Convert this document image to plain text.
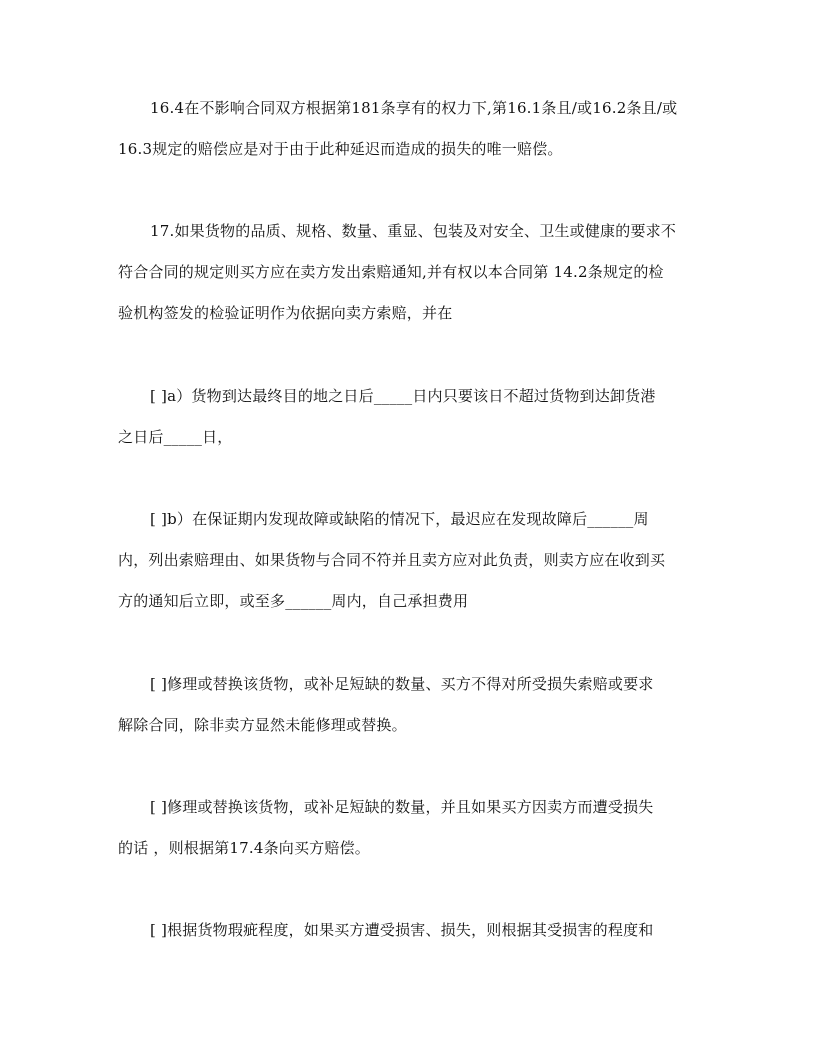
16.4在不影响合同双方根据第181条享有的权力下,第16.1条且/或16.2条且/或
16.3规定的赔偿应是对于由于此种延迟而造成的损失的唯一赔偿。
17.如果货物的品质、规格、数量、重显、包装及对安全、卫生或健康的要求不
符合合同的规定则买方应在卖方发出索赔通知,并有权以本合同第 14.2条规定的检
验机构签发的检验证明作为依据向卖方索赔，并在
[ ]a）货物到达最终目的地之日后_____日内只要该日不超过货物到达卸货港
之日后_____日，
[ ]b）在保证期内发现故障或缺陷的情况下，最迟应在发现故障后______周
内，列出索赔理由、如果货物与合同不符并且卖方应对此负责，则卖方应在收到买
方的通知后立即，或至多______周内，自己承担费用
[ ]修理或替换该货物，或补足短缺的数量、买方不得对所受损失索赔或要求
解除合同，除非卖方显然未能修理或替换。
[ ]修理或替换该货物，或补足短缺的数量，并且如果买方因卖方而遭受损失
的话 ，则根据第17.4条向买方赔偿。
[ ]根据货物瑕疵程度，如果买方遭受损害、损失，则根据其受损害的程度和
